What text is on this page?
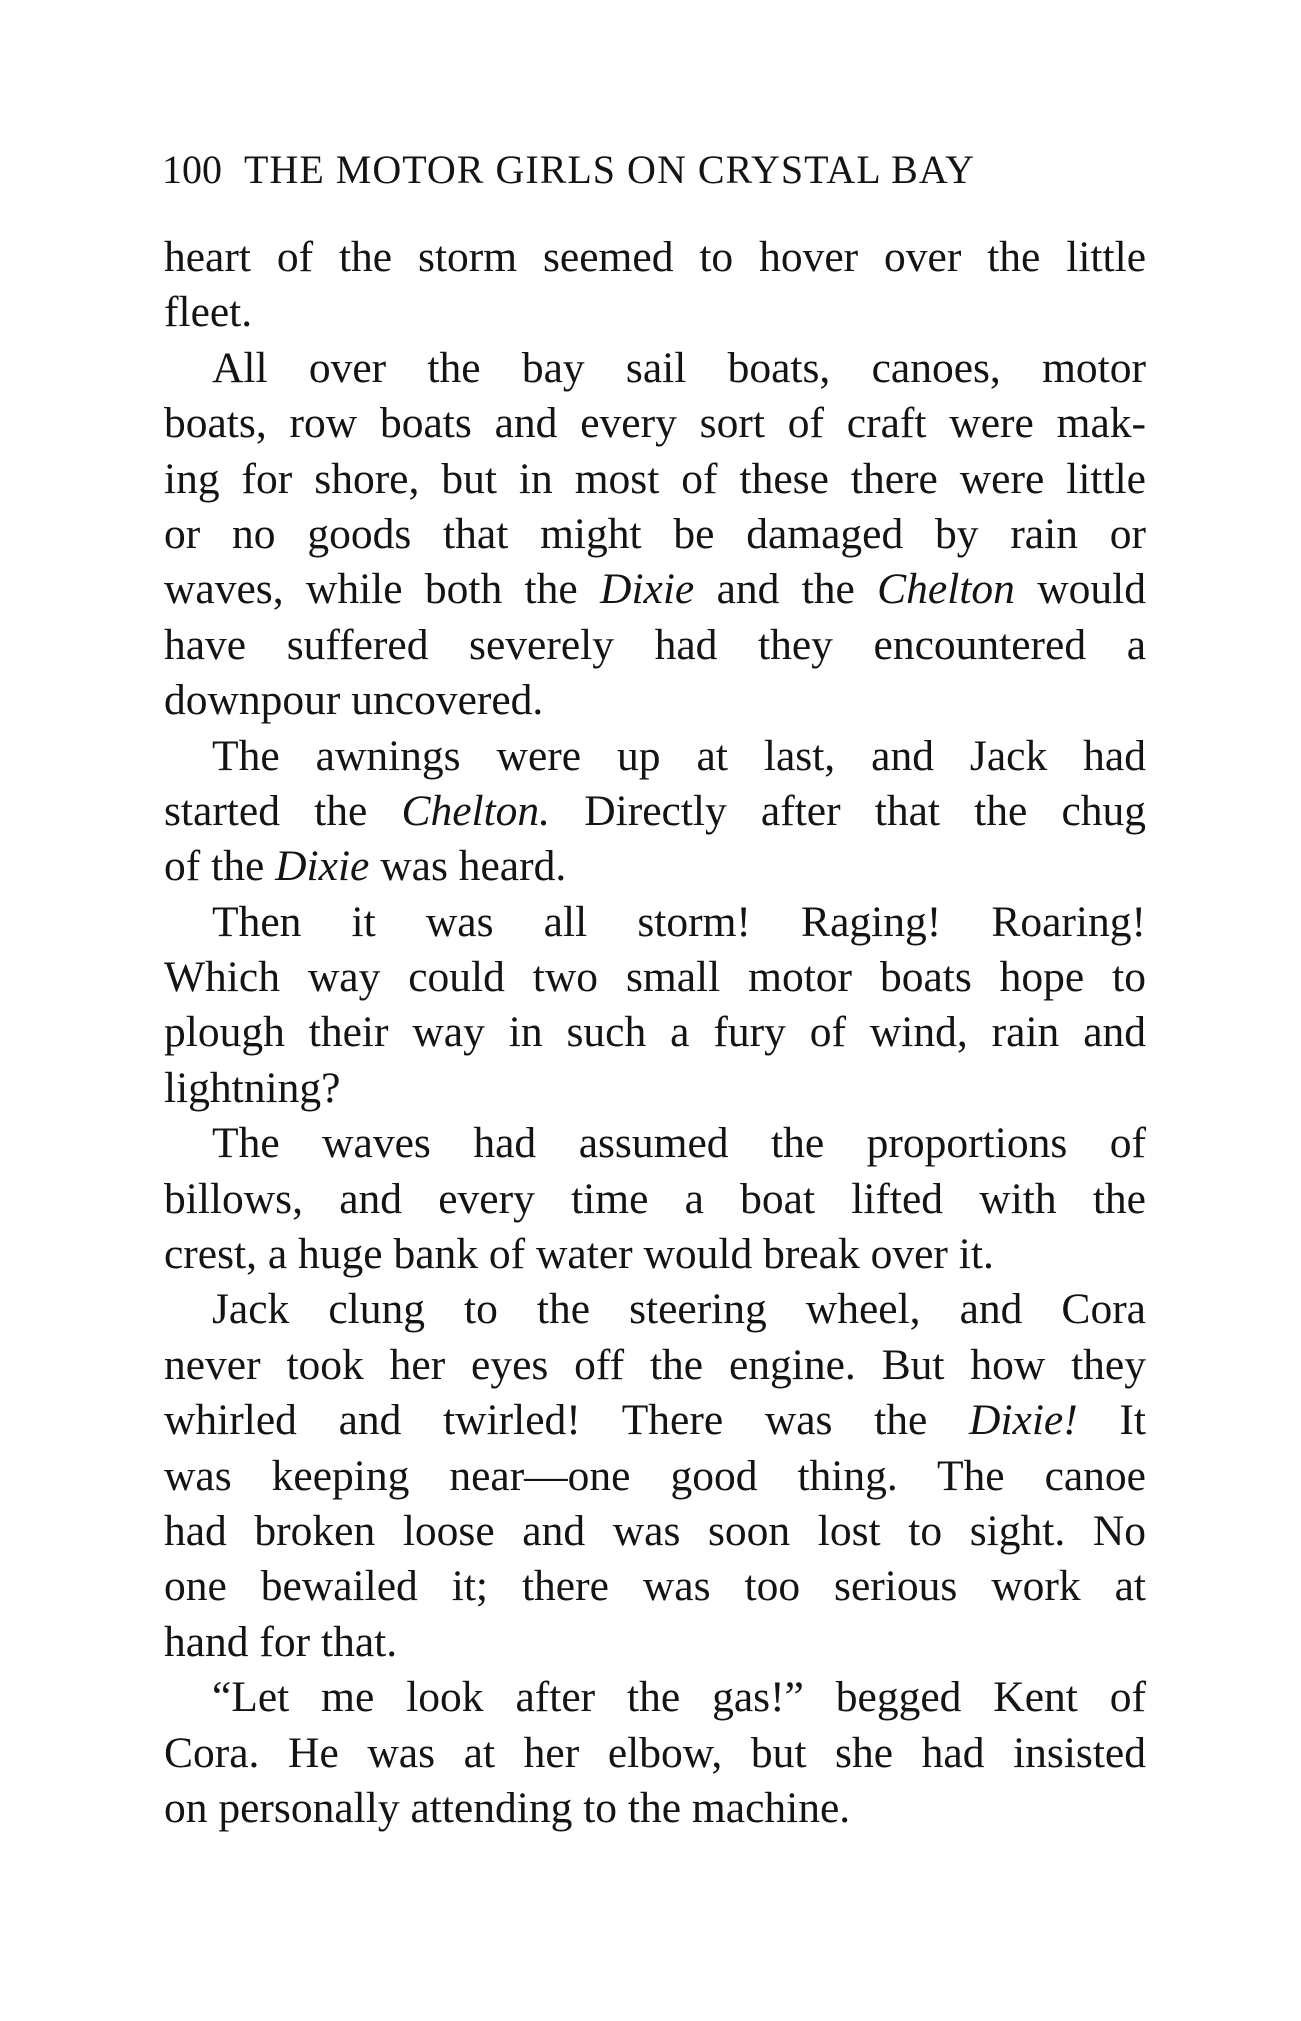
100 THE MOTOR GIRLS ON CRYSTAL BAY
heart of the storm seemed to hover over the little
fleet.
All over the bay sail boats, canoes, motor
boats, row boats and every sort of craft were mak-
ing for shore, but in most of these there were little
or no goods that might be damaged by rain or
waves, while both the Dixie and the Chelton would
have suffered severely had they encountered a
downpour uncovered.
The awnings were up at last, and Jack had
started the Chelton. Directly after that the chug
of the Dixie was heard.
Then it was all storm! Raging! Roaring!
Which way could two small motor boats hope to
plough their way in such a fury of wind, rain and
lightning?
The waves had assumed the proportions of
billows, and every time a boat lifted with the
crest, a huge bank of water would break over it.
Jack clung to the steering wheel, and Cora
never took her eyes off the engine. But how they
whirled and twirled! There was the Dixie! It
was keeping near—one good thing. The canoe
had broken loose and was soon lost to sight. No
one bewailed it; there was too serious work at
hand for that.
“Let me look after the gas!” begged Kent of
Cora. He was at her elbow, but she had insisted
on personally attending to the machine.
